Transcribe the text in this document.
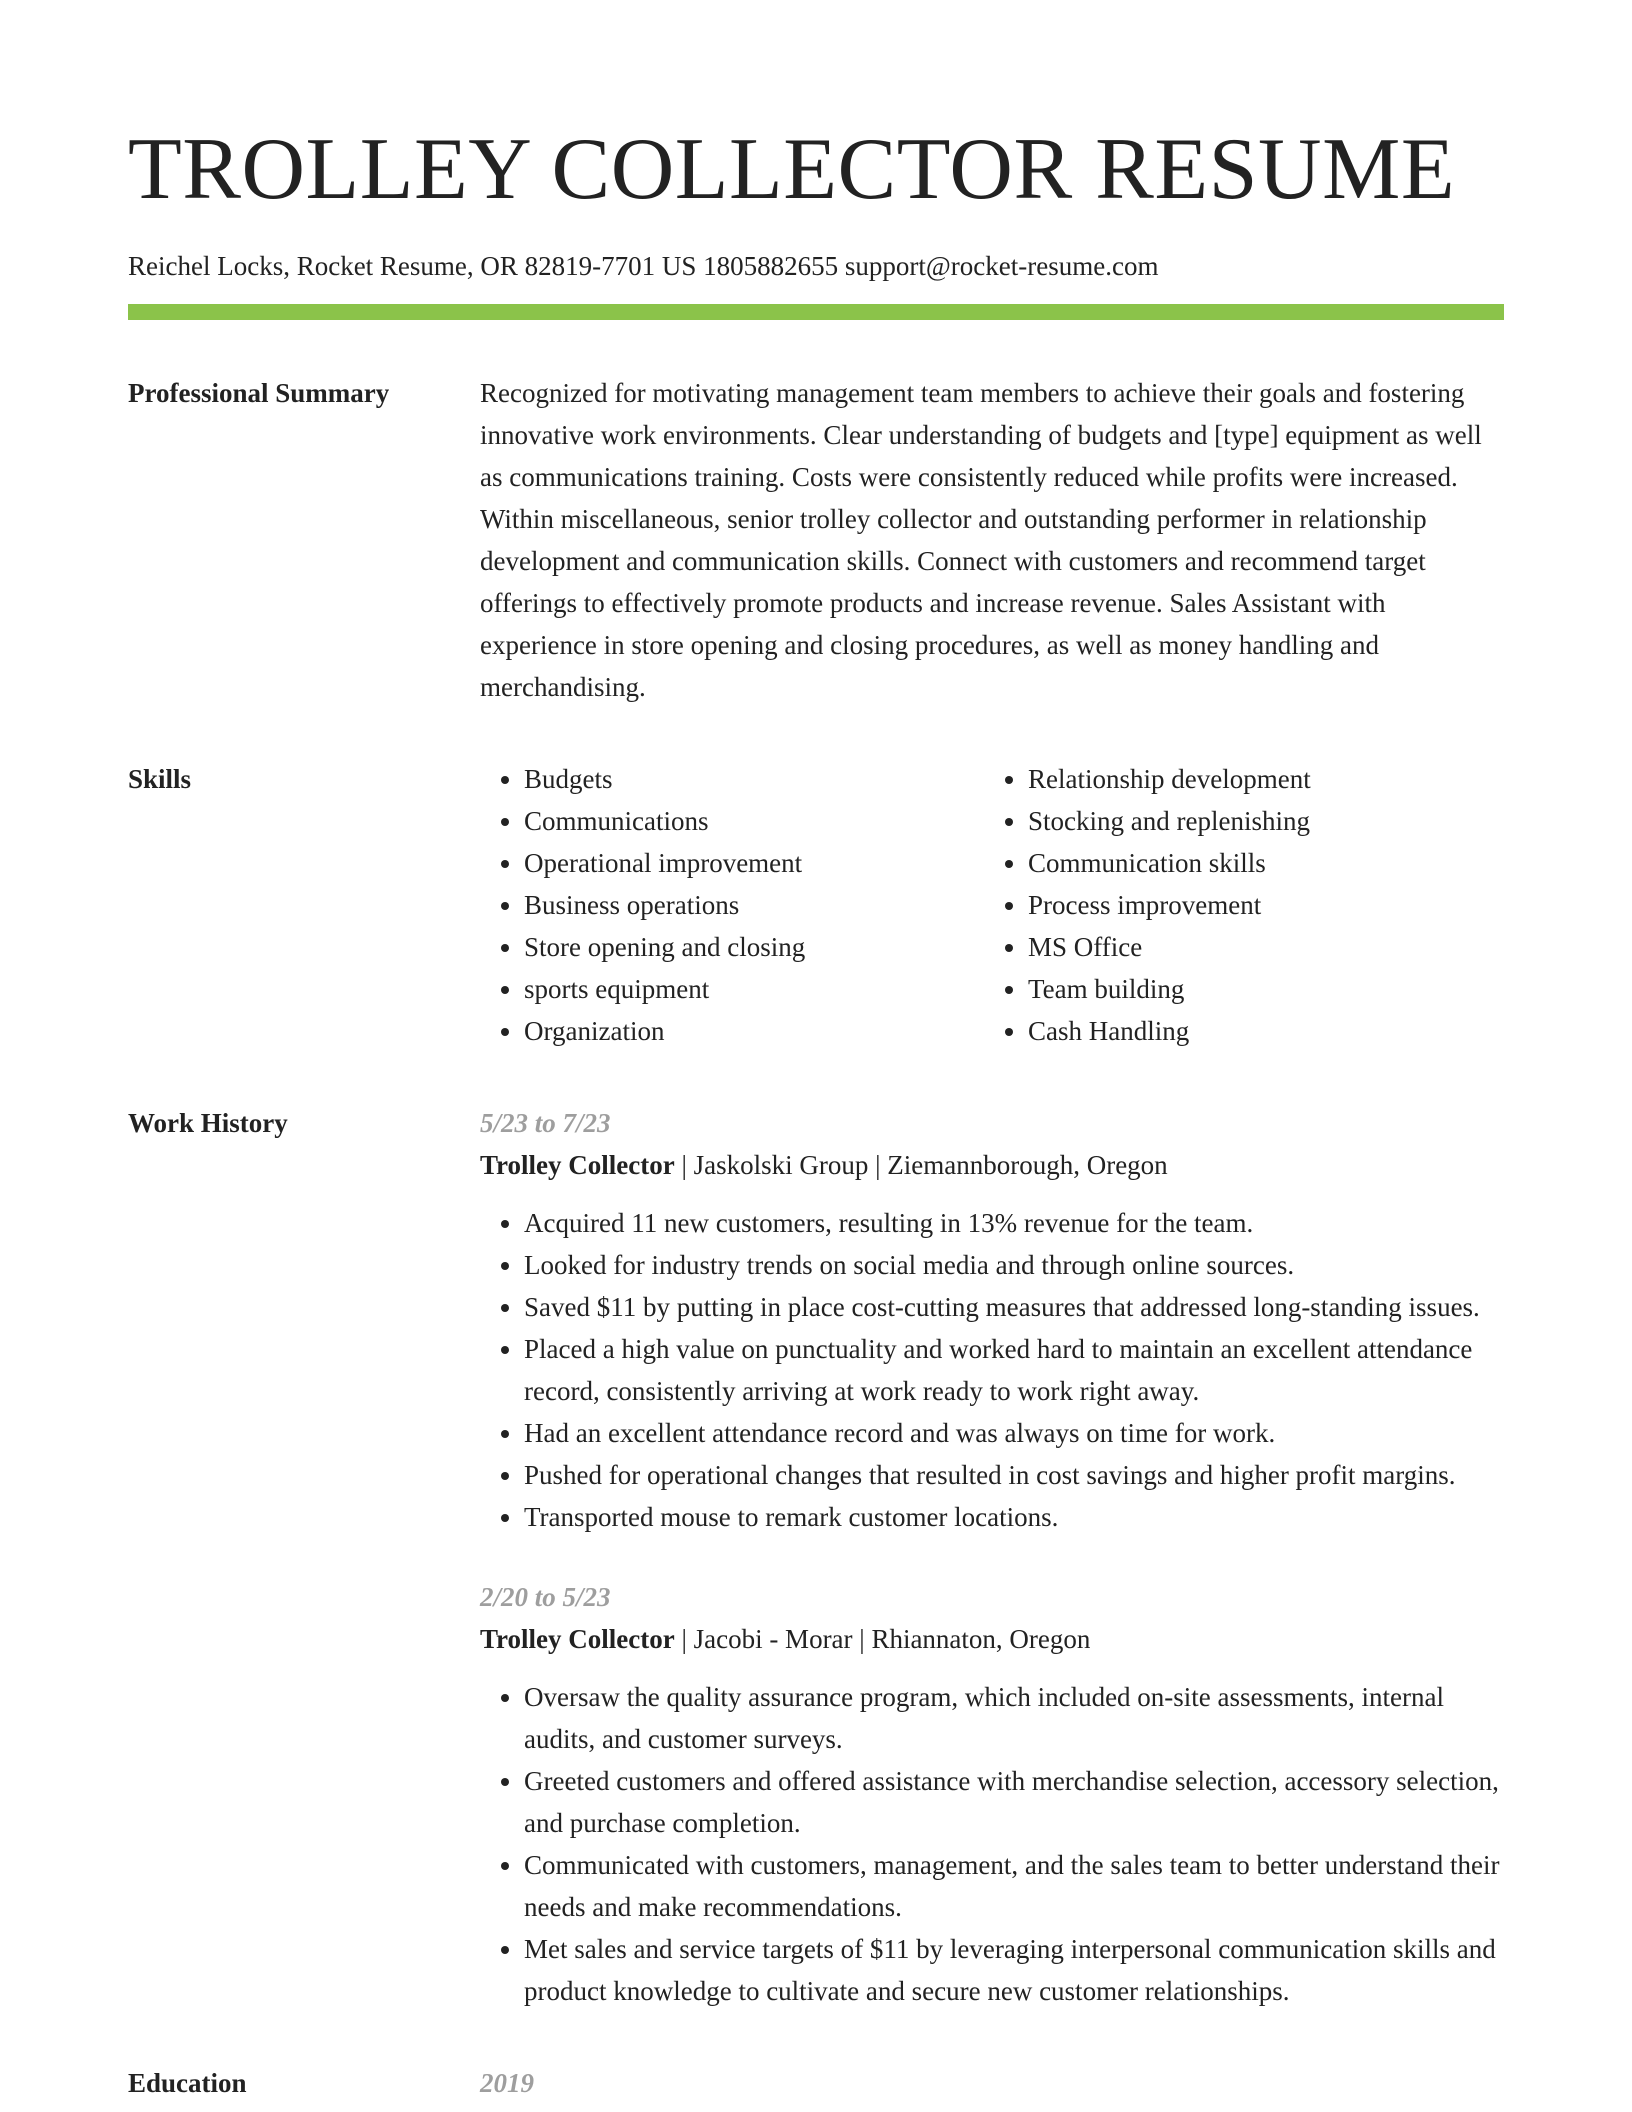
TROLLEY COLLECTOR RESUME
Reichel Locks, Rocket Resume, OR 82819-7701 US 1805882655 support@rocket-resume.com
Professional Summary	Recognized for motivating management team members to achieve their goals and fostering innovative work environments. Clear understanding of budgets and [type] equipment as well as communications training. Costs were consistently reduced while profits were increased. Within miscellaneous, senior trolley collector and outstanding performer in relationship development and communication skills. Connect with customers and recommend target offerings to effectively promote products and increase revenue. Sales Assistant with experience in store opening and closing procedures, as well as money handling and merchandising.

Skills
•	Budgets
• Communications
• Operational improvement
• Business operations
• Store opening and closing
• sports equipment
• Organization
• Relationship development
• Stocking and replenishing
• Communication skills
• Process improvement
• MS Office
• Team building
• Cash Handling
Work History	5/23 to 7/23
Trolley Collector | Jaskolski Group | Ziemannborough, Oregon
• Acquired 11 new customers, resulting in 13% revenue for the team.
• Looked for industry trends on social media and through online sources.
• Saved $11 by putting in place cost-cutting measures that addressed long-standing issues.
• Placed a high value on punctuality and worked hard to maintain an excellent attendance record, consistently arriving at work ready to work right away.
• Had an excellent attendance record and was always on time for work.
• Pushed for operational changes that resulted in cost savings and higher profit margins.
• Transported mouse to remark customer locations.
2/20 to 5/23
Trolley Collector | Jacobi - Morar | Rhiannaton, Oregon
• Oversaw the quality assurance program, which included on-site assessments, internal audits, and customer surveys.
• Greeted customers and offered assistance with merchandise selection, accessory selection, and purchase completion.
• Communicated with customers, management, and the sales team to better understand their needs and make recommendations.
• Met sales and service targets of $11 by leveraging interpersonal communication skills and product knowledge to cultivate and secure new customer relationships.
Education	2019
